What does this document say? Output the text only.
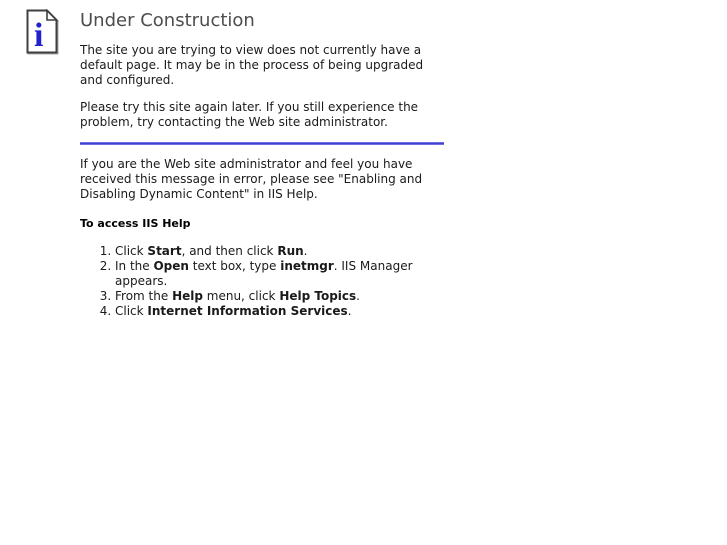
i Under Construction

The site you are trying to view does not currently have a default page. It may be in the process of being upgraded and configured.

Please try this site again later. If you still experience the problem, try contacting the Web site administrator.

If you are the Web site administrator and feel you have received this message in error, please see "Enabling and Disabling Dynamic Content" in IIS Help.

To access IIS Help
1. Click Start, and then click Run.
2. In the Open text box, type inetmgr. IIS Manager appears.
3. From the Help menu, click Help Topics.
4. Click Internet Information Services.
